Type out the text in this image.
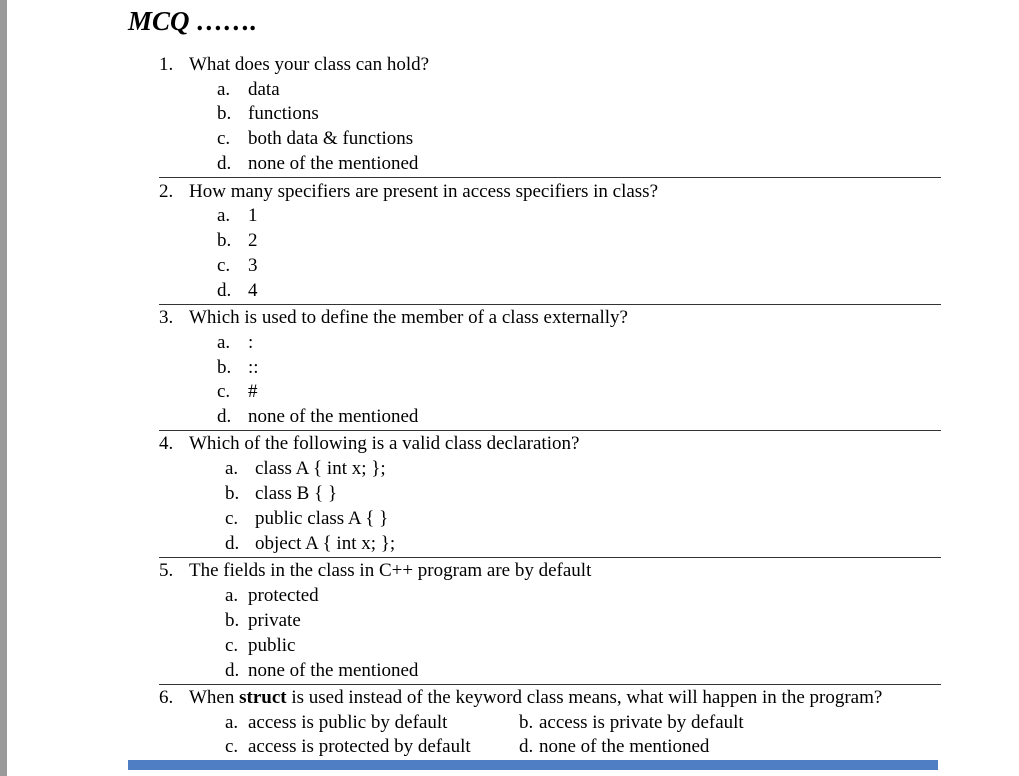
MCQ …….
1. What does your class can hold?
a. data
b. functions
c. both data & functions
d. none of the mentioned
2. How many specifiers are present in access specifiers in class?
a. 1
b. 2
c. 3
d. 4
3. Which is used to define the member of a class externally?
a. :
b. ::
c. #
d. none of the mentioned
4. Which of the following is a valid class declaration?
a. class A { int x; };
b. class B { }
c. public class A { }
d. object A { int x; };
5. The fields in the class in C++ program are by default
a. protected
b. private
c. public
d. none of the mentioned
6. When struct is used instead of the keyword class means, what will happen in the program?
a. access is public by default	b. access is private by default
c. access is protected by default	d. none of the mentioned
